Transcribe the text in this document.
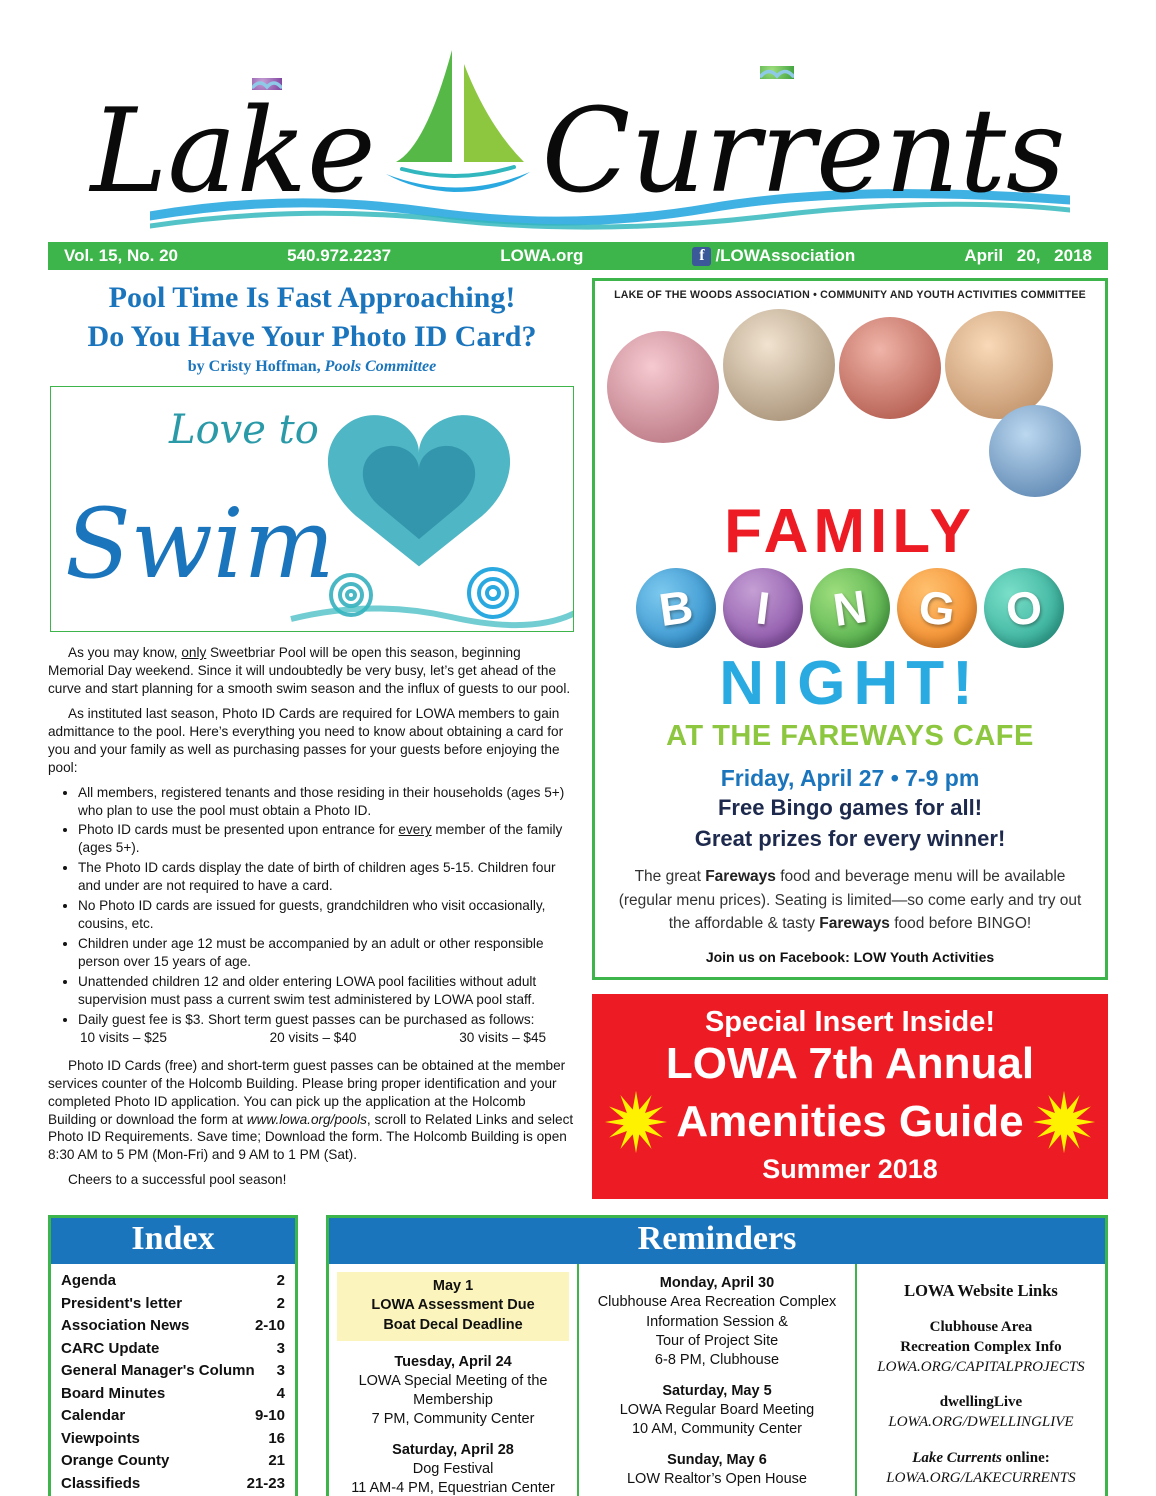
Lake Currents
Vol. 15, No. 20	540.972.2237	LOWA.org	f /LOWAssociation	April 20, 2018
Pool Time Is Fast Approaching!
Do You Have Your Photo ID Card?
by Cristy Hoffman, Pools Committee
Love to
Swim

As you may know, only Sweetbriar Pool will be open this season, beginning Memorial Day weekend. Since it will undoubtedly be very busy, let’s get ahead of the curve and start planning for a smooth swim season and the influx of guests to our pool.

As instituted last season, Photo ID Cards are required for LOWA members to gain admittance to the pool. Here’s everything you need to know about obtaining a card for you and your family as well as purchasing passes for your guests before enjoying the pool:

• All members, registered tenants and those residing in their households (ages 5+) who plan to use the pool must obtain a Photo ID.
• Photo ID cards must be presented upon entrance for every member of the family (ages 5+).
• The Photo ID cards display the date of birth of children ages 5-15. Children four and under are not required to have a card.
• No Photo ID cards are issued for guests, grandchildren who visit occasionally, cousins, etc.
• Children under age 12 must be accompanied by an adult or other responsible person over 15 years of age.
• Unattended children 12 and older entering LOWA pool facilities without adult supervision must pass a current swim test administered by LOWA pool staff.
• Daily guest fee is $3. Short term guest passes can be purchased as follows:
10 visits – $25	20 visits – $40	30 visits – $45

Photo ID Cards (free) and short-term guest passes can be obtained at the member services counter of the Holcomb Building. Please bring proper identification and your completed Photo ID application. You can pick up the application at the Holcomb Building or download the form at www.lowa.org/pools, scroll to Related Links and select Photo ID Requirements. Save time; Download the form. The Holcomb Building is open 8:30 AM to 5 PM (Mon-Fri) and 9 AM to 1 PM (Sat).

Cheers to a successful pool season!

LAKE OF THE WOODS ASSOCIATION • COMMUNITY AND YOUTH ACTIVITIES COMMITTEE
FAMILY
B	I	N	G O
NIGHT!
AT THE FAREWAYS CAFE
Friday, April 27 • 7-9 pm
Free Bingo games for all!
Great prizes for every winner!
The great Fareways food and beverage menu will be available (regular menu prices). Seating is limited—so come early and try out the affordable & tasty Fareways food before BINGO!
Join us on Facebook: LOW Youth Activities
Special Insert Inside!
LOWA 7th Annual
Amenities Guide
Summer 2018
Index
Agenda	2
President's letter	2
Association News	2-10
CARC Update	3
General Manager's Column 3
Board Minutes	4
Calendar	9-10
Viewpoints	16
Orange County	21
Classifieds	21-23
Reminders
May 1
LOWA Assessment Due
Boat Decal Deadline
Tuesday, April 24
LOWA Special Meeting of the
Membership
7 PM, Community Center
Saturday, April 28
Dog Festival
11 AM-4 PM, Equestrian Center
Monday, April 30
Clubhouse Area Recreation Complex
Information Session &
Tour of Project Site
6-8 PM, Clubhouse
Saturday, May 5
LOWA Regular Board Meeting
10 AM, Community Center
Sunday, May 6
LOW Realtor’s Open House
LOWA Website Links
Clubhouse Area
Recreation Complex Info
LOWA.ORG/CAPITALPROJECTS
dwellingLive
LOWA.ORG/DWELLINGLIVE
Lake Currents online:
LOWA.ORG/LAKECURRENTS
